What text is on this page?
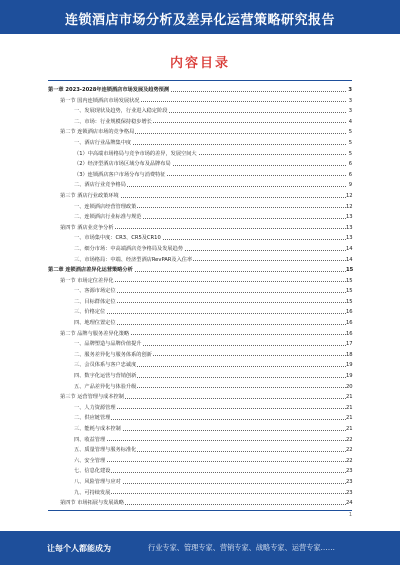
连锁酒店市场分析及差异化运营策略研究报告
内容目录
第一章 2023-2028年连锁酒店市场发展及趋势预测	3
第一节 国内连锁酒店市场发展状况	3
一、发展现状及趋势，行业进入稳定阶段	3
二、市场：行业规模保持稳步增长	4
第二节 连锁酒店市场的竞争格局	5
一、酒店行业品牌集中度	5
（1）中高端市场格局与竞争市场的差异，发展空间大	5
（2）经济型酒店市场区域分布及品牌布局	6
（3）连锁酒店客户市场分布与消费特征	6
二、酒店行业竞争格局	9
第三节 酒店行业政策环境	12
一、连锁酒店经营管理政策	12
二、连锁酒店行业标准与规范	13
第四节 酒店业竞争分析	13
一、市场集中度：CR3、CR5及CR10	13
二、细分市场：中高端酒店竞争格局及发展趋势	14
三、市场格局：中端、经济型酒店RevPAR及入住率	14
第二章 连锁酒店差异化运营策略分析	15
第一节 市场定位差异化	15
一、客源市场定位	15
二、目标群体定位	15
三、价格定位	16
四、地理位置定位	16
第二节 品牌与服务差异化策略	16
一、品牌塑造与品牌价值提升	17
二、服务差异化与服务体系的创新	18
三、会员体系与客户忠诚度	19
四、数字化运营与营销创新	19
五、产品差异化与体验升级	20
第三节 运营管理与成本控制	21
一、人力资源管理	21
二、供应链管理	21
三、能耗与成本控制	21
四、收益管理	22
五、质量管理与服务标准化	22
六、安全管理	22
七、信息化建设	23
八、风险管理与应对	23
九、可持续发展	23
第四节 市场拓展与发展战略	24
1
让每个人都能成为	行业专家、管理专家、营销专家、战略专家、运营专家……
